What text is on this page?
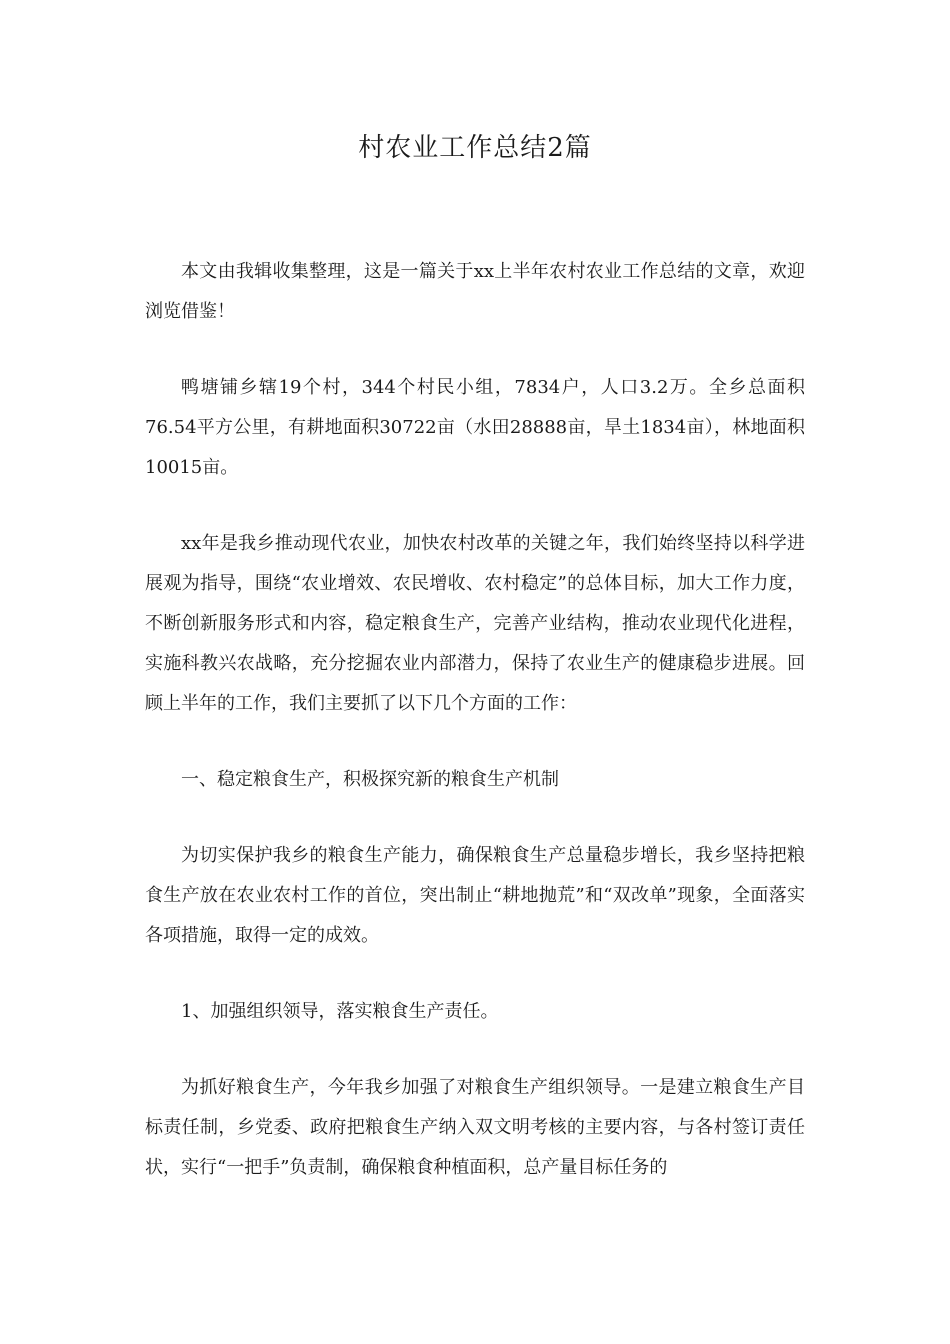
村农业工作总结2篇

本文由我辑收集整理，这是一篇关于xx上半年农村农业工作总结的文章，欢迎浏览借鉴！

鸭塘铺乡辖19个村，344个村民小组，7834户，人口3.2万。全乡总面积76.54平方公里，有耕地面积30722亩（水田28888亩，旱土1834亩），林地面积10015亩。

xx年是我乡推动现代农业，加快农村改革的关键之年，我们始终坚持以科学进展观为指导，围绕“农业增效、农民增收、农村稳定”的总体目标，加大工作力度，不断创新服务形式和内容，稳定粮食生产，完善产业结构，推动农业现代化进程，实施科教兴农战略，充分挖掘农业内部潜力，保持了农业生产的健康稳步进展。回顾上半年的工作，我们主要抓了以下几个方面的工作：

一、稳定粮食生产，积极探究新的粮食生产机制

为切实保护我乡的粮食生产能力，确保粮食生产总量稳步增长，我乡坚持把粮食生产放在农业农村工作的首位，突出制止“耕地抛荒”和“双改单”现象，全面落实各项措施，取得一定的成效。

1、加强组织领导，落实粮食生产责任。

为抓好粮食生产，今年我乡加强了对粮食生产组织领导。一是建立粮食生产目标责任制，乡党委、政府把粮食生产纳入双文明考核的主要内容，与各村签订责任状，实行“一把手”负责制，确保粮食种植面积，总产量目标任务的
